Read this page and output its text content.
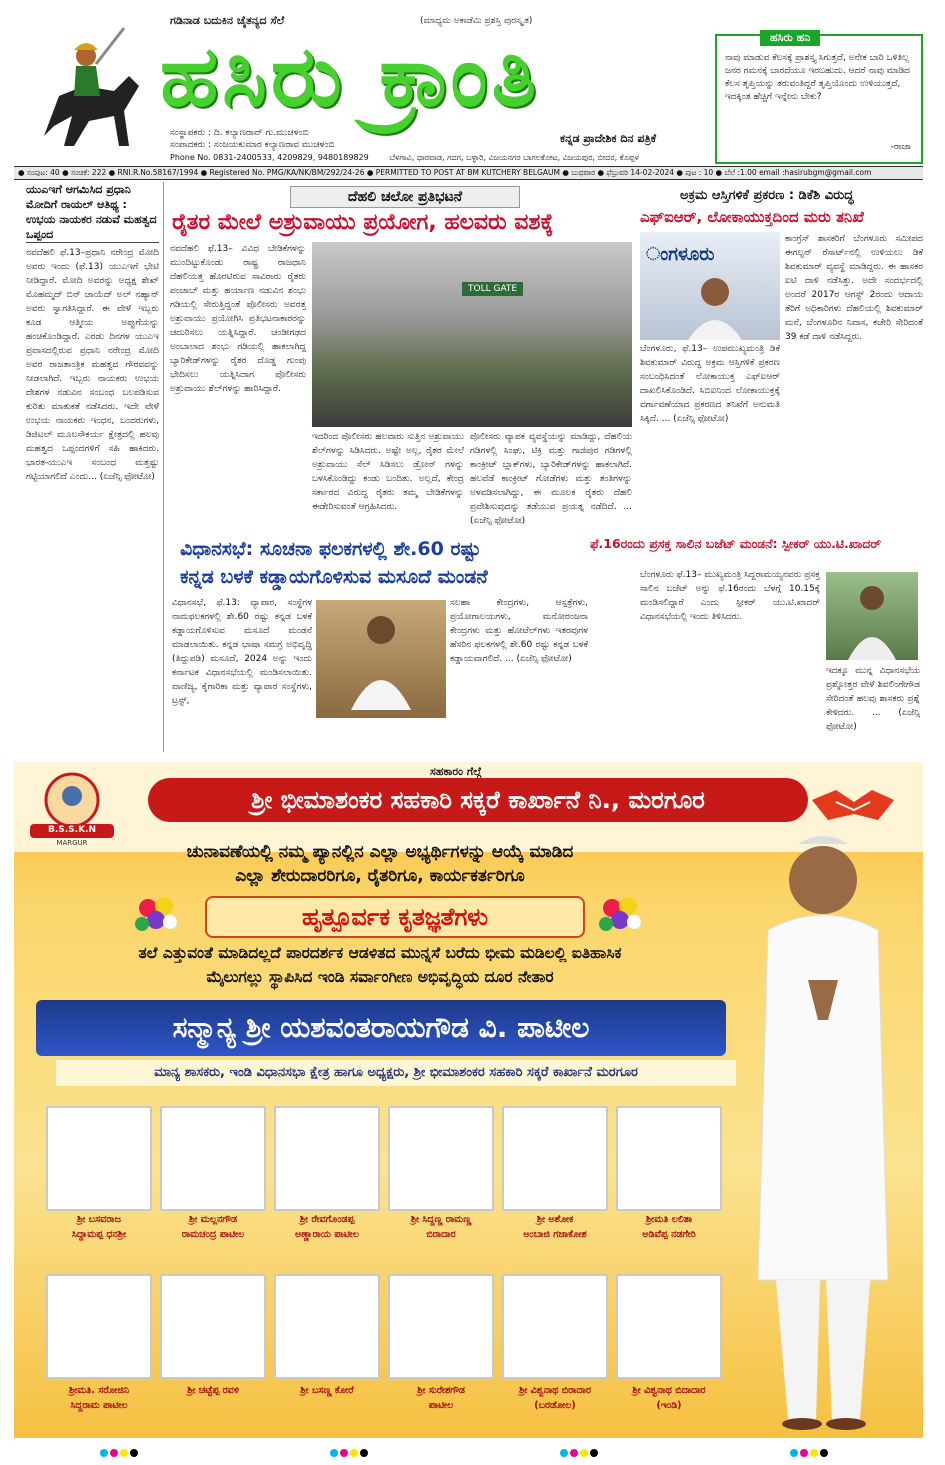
ಗಡಿನಾಡ ಬದುಕಿನ ಚೈತನ್ಯದ ಸೆಲೆ	(ಮಾಧ್ಯಮ ಅಕಾಡೆಮಿ ಪ್ರಶಸ್ತಿ ಪುರಸ್ಕೃತ)
ಹಸಿರು ಕ್ರಾಂತಿ
ಸಂಸ್ಥಾಪಕರು : ದಿ. ಕಲ್ಯಾಣರಾವ್ ಗು.ಮುಚಳಂಬಿ
ಸಂಪಾದಕರು : ಸಂಜಯಕುಮಾರ ಕಲ್ಯಾಣರಾವ ಮುಚಳಂಬಿ
Phone No. 0831-2400533, 4209829, 9480189829	ಬೆಳಗಾವಿ, ಧಾರವಾಡ, ಗದಗ, ಬಳ್ಳಾರಿ, ವಿಜಯನಗರ ಬಾಗಲಕೋಟ, ವಿಜಯಪುರ, ಬೀದರ, ಕೊಪ್ಪಳ
ಕನ್ನಡ ಪ್ರಾದೇಶಿಕ ದಿನ ಪತ್ರಿಕೆ
ನಾವು ಮಾಡುವ ಕೆಲಸಕ್ಕೆ ಪ್ರಾಶಸ್ತ್ಯ ಸಿಗುತ್ತದೆ, ಅನೇಕ ಬಾರಿ ಒಳಿತಿಲ್ಲ ಜನರ ಗಮನಕ್ಕೆ ಬಾರದೆಯೂ ಇರಬಹುದು. ಆದರೆ ನಾವು ಮಾಡಿದ ಕೆಲಸ ತೃಪ್ತಿಯನ್ನು ತರುವಂತಿದ್ದರೆ ತೃಪ್ತಿಯೊಂದು ಉಳಿಯುತ್ತದೆ, ಇದಕ್ಕಿಂತ ಹೆಚ್ಚಿಗೆ ಇನ್ನೇನು ಬೇಕು?
-ರಾಜಾ
ಹಸಿರು ಹನಿ
● ಸಂಪುಟ: 40 ● ಸಂಚಿಕೆ: 222 ● RNI.R.No.58167/1994 ● Registered No. PMG/KA/NK/BM/292/24-26 ● PERMITTED TO POST AT BM KUTCHERY BELGAUM ● ಬುಧವಾರ ● ಫೆಬ್ರುವರಿ 14-02-2024 ● ಪುಟ : 10 ● ಬೆಲೆ :1.00 email :hasirubgm@gmail.com
ಯುಎಇಗೆ ಆಗಮಿಸಿದ ಪ್ರಧಾನಿ ಮೋದಿಗೆ ರಾಯಲ್ ಆತಿಥ್ಯ : ಉಭಯ ನಾಯಕರ ನಡುವೆ ಮಹತ್ವದ ಒಪ್ಪಂದ
ನವದೆಹಲಿ ಫೆ.13–ಪ್ರಧಾನಿ ನರೇಂದ್ರ ಮೋದಿ ಅವರು ಇಂದು (ಫೆ.13) ಯುಎಇಗೆ ಭೇಟಿ ನೀಡಿದ್ದಾರೆ. ಮೋದಿ ಅವರನ್ನು ಅಧ್ಯಕ್ಷ ಶೇಖ್ ಮೊಹಮ್ಮದ್ ಬಿನ್ ಜಾಯೆದ್ ಅಲ್ ನಹ್ಯಾನ್ ಅವರು ಸ್ವಾಗತಿಸಿದ್ದಾರೆ. ಈ ವೇಳೆ ಇಬ್ಬರು ಕೂಡ ಆತ್ಮೀಯ ಅಪ್ಪುಗೆಯನ್ನು ಹಂಚಿಕೊಂಡಿದ್ದಾರೆ. ಎರಡು ದಿನಗಳ ಯುಎಇ ಪ್ರವಾಸದಲ್ಲಿರುವ ಪ್ರಧಾನಿ ನರೇಂದ್ರ ಮೋದಿ ಅವರ ರಾಜತಾಂತ್ರಿಕ ಮಹತ್ವದ ಗೌರವವನ್ನು ನೀಡಲಾಗಿದೆ. ಇಬ್ಬರು ನಾಯಕರು ಉಭಯ ದೇಶಗಳ ನಡುವಿನ ಸಂಬಂಧ ಬಲಪಡಿಸುವ ಕುರಿತು ಮಾತುಕತೆ ನಡೆಸಿದರು. ಇದೇ ವೇಳೆ ಉಭಯ ನಾಯಕರು ಇಂಧನ, ಬಂದರುಗಳು, ಡಿಜಿಟಲ್ ಮೂಲಸೌಕರ್ಯ ಕ್ಷೇತ್ರದಲ್ಲಿ ಹಲವು ಮಹತ್ವದ ಒಪ್ಪಂದಗಳಿಗೆ ಸಹಿ ಹಾಕಿದರು. ಭಾರತ-ಯುಎಇ ಸಂಬಂಧ ಮತ್ತಷ್ಟು ಗಟ್ಟಿಯಾಗಲಿದೆ ಎಂದು... (ಏಜೆನ್ಸಿ ಫೋಟೋ)
ದೆಹಲಿ ಚಲೋ ಪ್ರತಿಭಟನೆ
ರೈತರ ಮೇಲೆ ಅಶ್ರುವಾಯು ಪ್ರಯೋಗ, ಹಲವರು ವಶಕ್ಕೆ
ನವದೆಹಲಿ ಫೆ.13– ವಿವಿಧ ಬೇಡಿಕೆಗಳನ್ನು ಮುಂದಿಟ್ಟುಕೊಂಡು ರಾಷ್ಟ್ರ ರಾಜಧಾನಿ ದೆಹಲಿಯತ್ತ ಹೊರಟಿರುವ ಸಾವಿರಾರು ರೈತರು ಪಂಜಾಬ್ ಮತ್ತು ಹರ್ಯಾಣ ನಡುವಿನ ಶಂಭು ಗಡಿಯಲ್ಲಿ ಸೇರುತ್ತಿದ್ದಂತೆ ಪೊಲೀಸರು ಅವರತ್ತ ಅಶ್ರುವಾಯು ಪ್ರಯೋಗಿಸಿ ಪ್ರತಿಭಟನಾಕಾರರನ್ನು ಚದುರಿಸಲು ಯತ್ನಿಸಿದ್ದಾರೆ. ಚಂಡೀಗಢದ ಅಂಬಾಲಾದ ಶಂಭು ಗಡಿಯಲ್ಲಿ ಹಾಕಲಾಗಿದ್ದ ಬ್ಯಾರಿಕೇಡ್‌ಗಳನ್ನು ರೈತರ ದೊಡ್ಡ ಗುಂಪು ಭೇದಿಸಲು ಯತ್ನಿಸಿದಾಗ ಪೊಲೀಸರು ಅಶ್ರುವಾಯು ಶೆಲ್‌ಗಳನ್ನು ಹಾರಿಸಿದ್ದಾರೆ.
TOLL GATE
ಇದರಿಂದ ಪೊಲೀಸರು ಹಲವಾರು ಸುತ್ತಿನ ಅಶ್ರುವಾಯು ಶೆಲ್‌ಗಳನ್ನು ಸಿಡಿಸಿದರು. ಅಷ್ಟೇ ಅಲ್ಲ, ರೈತರ ಮೇಲೆ ಅಶ್ರುವಾಯು ಸೆಲ್ ಸಿಡಿಸಲು ಡ್ರೋನ್ ಗಳನ್ನು ಬಳಸಿಕೊಂಡಿದ್ದು ಕಂಡು ಬಂದಿತು. ಅಲ್ಲದೆ, ಕೇಂದ್ರ ಸರ್ಕಾರದ ವಿರುದ್ಧ ರೈತರು ತಮ್ಮ ಬೇಡಿಕೆಗಳನ್ನು ಈಡೇರಿಸುವಂತೆ ಆಗ್ರಹಿಸಿದರು.
ಪೊಲೀಸರು ವ್ಯಾಪಕ ವ್ಯವಸ್ಥೆಯನ್ನು ಮಾಡಿದ್ದು, ದೆಹಲಿಯ ಗಡಿಗಳಲ್ಲಿ ಸಿಂಘು, ಟಿಕ್ರಿ ಮತ್ತು ಗಾಜಿಪುರ ಗಡಿಗಳಲ್ಲಿ ಕಾಂಕ್ರೀಟ್ ಬ್ಲಾಕ್‌ಗಳು, ಬ್ಯಾರಿಕೇಡ್‌ಗಳನ್ನು ಹಾಕಲಾಗಿದೆ. ಹಲವೆಡೆ ಕಾಂಕ್ರೀಟ್ ಗೋಡೆಗಳು ಮತ್ತು ತಂತಿಗಳನ್ನು ಅಳವಡಿಸಲಾಗಿದ್ದು, ಈ ಮೂಲಕ ರೈತರು ದೆಹಲಿ ಪ್ರವೇಶಿಸುವುದನ್ನು ತಡೆಯುವ ಪ್ರಯತ್ನ ನಡೆದಿದೆ. ... (ಏಜೆನ್ಸಿ ಫೋಟೋ)
ಅಕ್ರಮ ಆಸ್ತಿಗಳಿಕೆ ಪ್ರಕರಣ : ಡಿಕೆಶಿ ವಿರುದ್ಧ
ಎಫ್‌ಐಆರ್, ಲೋಕಾಯುಕ್ತದಿಂದ ಮರು ತನಿಖೆ
ಂಗಳೂರು
ಕಾಂಗ್ರೆಸ್ ಶಾಸಕರಿಗೆ ಬೆಂಗಳೂರು ಸಮೀಪದ ಈಗಲ್ಟನ್ ರೆಸಾರ್ಟ್‌ನಲ್ಲಿ ಉಳಿಯಲು ಡಿಕೆ ಶಿವಕುಮಾರ್ ವ್ಯವಸ್ಥೆ ಮಾಡಿದ್ದರು. ಈ ಹಾಸಕರ ಐಟಿ ದಾಳಿ ನಡೆಸಿತ್ತು. ಅದೇ ಸಂದರ್ಭದಲ್ಲಿ ಅಂದರೆ 2017ರ ಆಗಸ್ಟ್ 2ರಂದು ಆದಾಯ ತೆರಿಗೆ ಅಧಿಕಾರಿಗಳು ದೆಹಲಿಯಲ್ಲಿ ಶಿವಕುಮಾರ್ ಮನೆ, ಬೆಂಗಳೂರಿನ ನಿವಾಸ, ಕಚೇರಿ ಸೇರಿದಂತೆ 39 ಕಡೆ ದಾಳಿ ನಡೆಸಿದ್ದರು.
ಬೆಂಗಳೂರು, ಫೆ.13– ಉಪಮುಖ್ಯಮಂತ್ರಿ ಡಿಕೆ ಶಿವಕುಮಾರ್ ವಿರುದ್ಧ ಅಕ್ರಮ ಆಸ್ತಿಗಳಿಕೆ ಪ್ರಕರಣ ಸಂಬಂಧಿಸಿದಂತೆ ಲೋಕಾಯುಕ್ತ ಎಫ್‌ಐಆರ್ ದಾಖಲಿಸಿಕೊಂಡಿದೆ. ಸಿಬಿಐನಿಂದ ಲೋಕಾಯುಕ್ತಕ್ಕೆ ವರ್ಗಾವಣೆಯಾದ ಪ್ರಕರಣದ ತನಿಖೆಗೆ ಅನುಮತಿ ಸಿಕ್ಕಿದೆ. ... (ಏಜೆನ್ಸಿ ಫೋಟೋ)
ವಿಧಾನಸಭೆ: ಸೂಚನಾ ಫಲಕಗಳಲ್ಲಿ ಶೇ.60 ರಷ್ಟು
ಕನ್ನಡ ಬಳಕೆ ಕಡ್ಡಾಯಗೊಳಿಸುವ ಮಸೂದೆ ಮಂಡನೆ
ವಿಧಾನಸಭೆ, ಫೆ.13: ವ್ಯಾಪಾರ, ಸಂಸ್ಥೆಗಳ ನಾಮಫಲಕಗಳಲ್ಲಿ ಶೇ.60 ರಷ್ಟು ಕನ್ನಡ ಬಳಕೆ ಕಡ್ಡಾಯಗೊಳಿಸುವ ಮಸೂದೆ ಮಂಡನೆ ಮಾಡಲಾಯಿತು. ಕನ್ನಡ ಭಾಷಾ ಸಮಗ್ರ ಅಭಿವೃದ್ಧಿ (ತಿದ್ದುಪಡಿ) ಮಸೂದೆ, 2024 ಅನ್ನು ಇಂದು ಕರ್ನಾಟಕ ವಿಧಾನಸಭೆಯಲ್ಲಿ ಮಂಡಿಸಲಾಯಿತು. ವಾಣಿಜ್ಯ, ಕೈಗಾರಿಕಾ ಮತ್ತು ವ್ಯಾಪಾರ ಸಂಸ್ಥೆಗಳು, ಟ್ರಸ್ಟ್,
ಸಲಹಾ ಕೇಂದ್ರಗಳು, ಆಸ್ಪತ್ರೆಗಳು, ಪ್ರಯೋಗಾಲಯಗಳು, ಮನೋರಂಜನಾ ಕೇಂದ್ರಗಳು ಮತ್ತು ಹೋಟೆಲ್‌ಗಳು ಇತರವುಗಳ ಹೆಸರಿನ ಫಲಕಗಳಲ್ಲಿ ಶೇ.60 ರಷ್ಟು ಕನ್ನಡ ಬಳಕೆ ಕಡ್ಡಾಯವಾಗಲಿದೆ. ... (ಏಜೆನ್ಸಿ ಫೋಟೋ)
ಫೆ.16ರಂದು ಪ್ರಸಕ್ತ ಸಾಲಿನ ಬಜೆಟ್ ಮಂಡನೆ: ಸ್ಪೀಕರ್ ಯು.ಟಿ.ಖಾದರ್
ಬೆಂಗಳೂರು ಫೆ.13– ಮುಖ್ಯಮಂತ್ರಿ ಸಿದ್ದರಾಮಯ್ಯನವರು ಪ್ರಸಕ್ತ ಸಾಲಿನ ಬಜೆಟ್ ಅನ್ನು ಫೆ.16ರಂದು ಬೆಳಗ್ಗೆ 10.15ಕ್ಕೆ ಮಂಡಿಸಲಿದ್ದಾರೆ ಎಂದು ಸ್ಪೀಕರ್ ಯು.ಟಿ.ಖಾದರ್ ವಿಧಾನಸಭೆಯಲ್ಲಿ ಇಂದು ತಿಳಿಸಿದರು.
ಇದಕ್ಕೂ ಮುನ್ನ ವಿಧಾನಸಭೆಯ ಪ್ರಶ್ನೋತ್ತರ ವೇಳೆ ಶಿವಲಿಂಗೇಗೌಡ ಸೇರಿದಂತೆ ಹಲವು ಶಾಸಕರು ಪ್ರಶ್ನೆ ಕೇಳಿದರು. ... (ಏಜೆನ್ಸಿ ಫೋಟೋ)
ಸಹಕಾರಂ ಗೆಲ್ಗೆ
B.S.S.K.N
MARGUR
ಶ್ರೀ ಭೀಮಾಶಂಕರ ಸಹಕಾರಿ ಸಕ್ಕರೆ ಕಾರ್ಖಾನೆ ನಿ., ಮರಗೂರ
ಚುನಾವಣೆಯಲ್ಲಿ ನಮ್ಮ ಪ್ಯಾನಲ್ಲಿನ ಎಲ್ಲಾ ಅಭ್ಯರ್ಥಿಗಳನ್ನು ಆಯ್ಕೆ ಮಾಡಿದ
ಎಲ್ಲಾ ಶೇರುದಾರರಿಗೂ, ರೈತರಿಗೂ, ಕಾರ್ಯಕರ್ತರಿಗೂ
ಹೃತ್ಪೂರ್ವಕ ಕೃತಜ್ಞತೆಗಳು
ತಲೆ ಎತ್ತುವಂತೆ ಮಾಡಿದಲ್ಲದೆ ಪಾರದರ್ಶಕ ಆಡಳಿತದ ಮುನ್ನಸೆ ಬರೆದು ಭೀಮ ಮಡಿಲಲ್ಲಿ ಐತಿಹಾಸಿಕ
ಮೈಲುಗಲ್ಲು ಸ್ಥಾಪಿಸಿದ ಇಂಡಿ ಸರ್ವಾಂಗೀಣ ಅಭಿವೃದ್ಧಿಯ ದೂರ ನೇತಾರ
ಸನ್ಮಾನ್ಯ ಶ್ರೀ ಯಶವಂತರಾಯಗೌಡ ವಿ. ಪಾಟೀಲ
ಮಾನ್ಯ ಶಾಸಕರು, ಇಂಡಿ ವಿಧಾನಸಭಾ ಕ್ಷೇತ್ರ ಹಾಗೂ ಅಧ್ಯಕ್ಷರು, ಶ್ರೀ ಭೀಮಾಶಂಕರ ಸಹಕಾರಿ ಸಕ್ಕರೆ ಕಾರ್ಖಾನೆ ಮರಗೂರ
ಶ್ರೀ ಬಸವರಾಜ
ಸಿದ್ದಾಮಪ್ಪ ಧನಶ್ರೀ
ಶ್ರೀ ಮಲ್ಲನಗೌಡ
ರಾಮಚಂದ್ರ ಪಾಟೀಲ
ಶ್ರೀ ರೇವಗೊಂಡಪ್ಪ
ಅಣ್ಣಾರಾಯ ಪಾಟೀಲ
ಶ್ರೀ ಸಿದ್ದಣ್ಣ ರಾಮಣ್ಣ
ಬಿರಾದಾರ
ಶ್ರೀ ಅಶೋಕ
ಅಂಬಾಜಿ ಗಜಾಕೋಶ
ಶ್ರೀಮತಿ ಲಲಿತಾ
ಅಡಿವೆಪ್ಪ ನಡಗೇರಿ
ಶ್ರೀಮತಿ. ಸರೋಜಿನಿ
ಸಿದ್ದರಾಮ ಪಾಟೀಲ
ಶ್ರೀ ಚಟ್ಟೆಪ್ಪ ರವಳಿ	ಶ್ರೀ ಬಸಣ್ಣ ಕೋರೆ	ಶ್ರೀ ಸುರೇಶಗೌಡ
ಪಾಟೀಲ
ಶ್ರೀ ವಿಶ್ವನಾಥ ಬಿರಾದಾರ
(ಬರಡೋಲ)
ಶ್ರೀ ವಿಶ್ವನಾಥ ಬಿದಾದಾರ
(ಇಂಡಿ)
